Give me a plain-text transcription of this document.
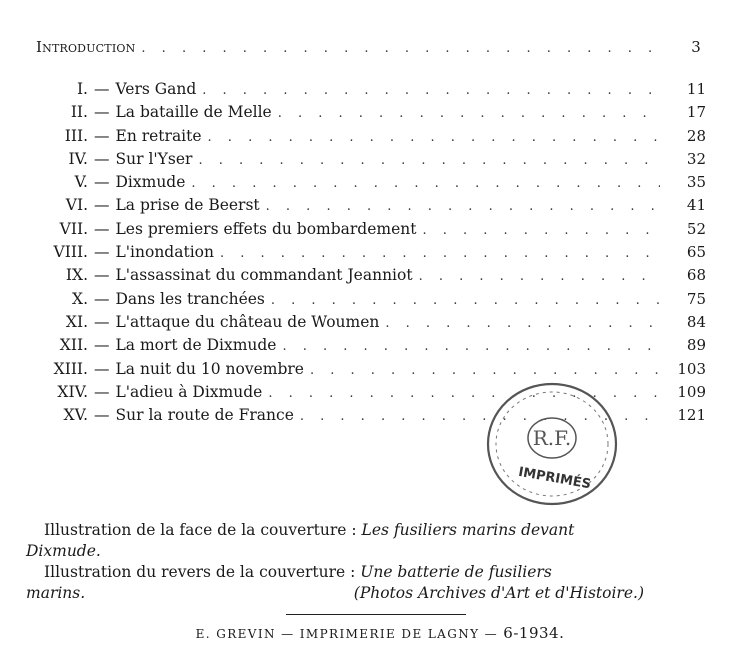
Introduction . . .	3
I. — Vers Gand . . .	11
II. — La bataille de Melle . . .	17
III. — En retraite . . .	28
IV. — Sur l'Yser . . .	32
V. — Dixmude . . .	35
VI. — La prise de Beerst . . .	41
VII. — Les premiers effets du bombardement . . .	52
VIII. — L'inondation . . .	65
IX. — L'assassinat du commandant Jeanniot . . .	68
X. — Dans les tranchées . . .	75
XI. — L'attaque du château de Woumen . . .	84
XII. — La mort de Dixmude . . .	89
XIII. — La nuit du 10 novembre . . .	103
XIV. — L'adieu à Dixmude . . .	109
XV. — Sur la route de France . . .	121
R.F.
IMPRIMÉS

Illustration de la face de la couverture : Les fusiliers marins devant
Dixmude.

Illustration du revers de la couverture : Une batterie de fusiliers

marins.	(Photos Archives d'Art et d'Histoire.)
E. GREVIN — IMPRIMERIE DE LAGNY — 6-1934.
